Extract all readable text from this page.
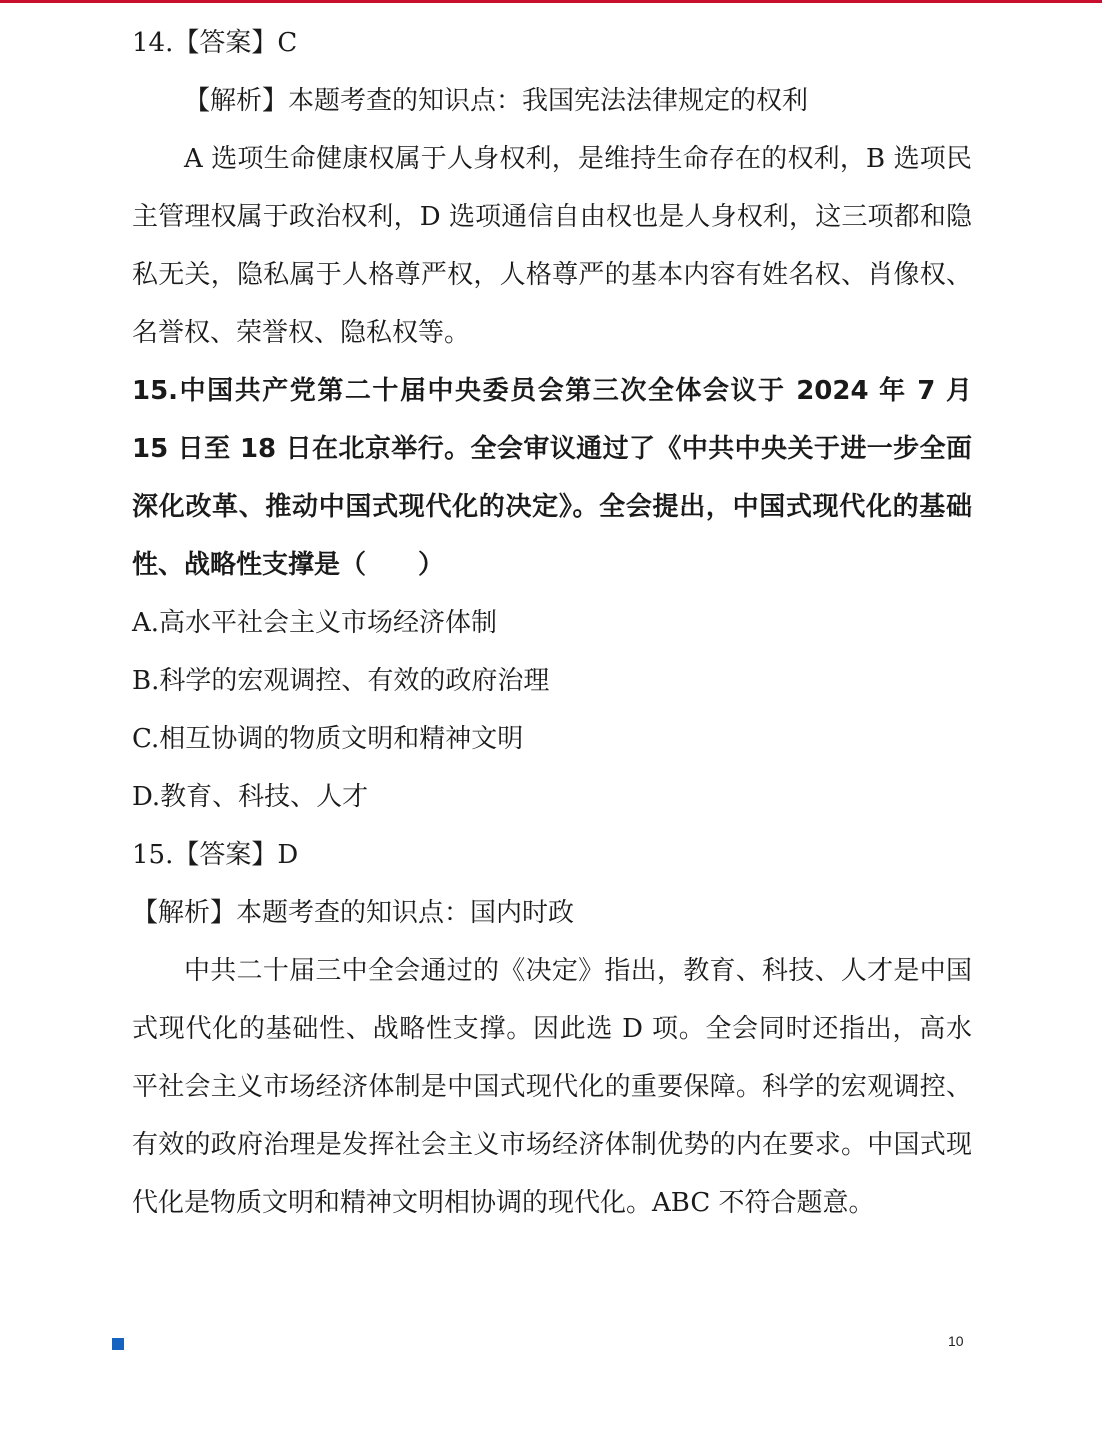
14.【答案】C
【解析】本题考查的知识点：我国宪法法律规定的权利
A 选项生命健康权属于人身权利，是维持生命存在的权利，B 选项民主管理权属于政治权利，D 选项通信自由权也是人身权利，这三项都和隐私无关，隐私属于人格尊严权，人格尊严的基本内容有姓名权、肖像权、名誉权、荣誉权、隐私权等。
15.中国共产党第二十届中央委员会第三次全体会议于 2024 年 7 月 15 日至 18 日在北京举行。全会审议通过了《中共中央关于进一步全面深化改革、推动中国式现代化的决定》。全会提出，中国式现代化的基础性、战略性支撑是（　　）
A.高水平社会主义市场经济体制
B.科学的宏观调控、有效的政府治理
C.相互协调的物质文明和精神文明
D.教育、科技、人才
15.【答案】D
【解析】本题考查的知识点：国内时政
中共二十届三中全会通过的《决定》指出，教育、科技、人才是中国式现代化的基础性、战略性支撑。因此选 D 项。全会同时还指出，高水平社会主义市场经济体制是中国式现代化的重要保障。科学的宏观调控、有效的政府治理是发挥社会主义市场经济体制优势的内在要求。中国式现代化是物质文明和精神文明相协调的现代化。ABC 不符合题意。
10
